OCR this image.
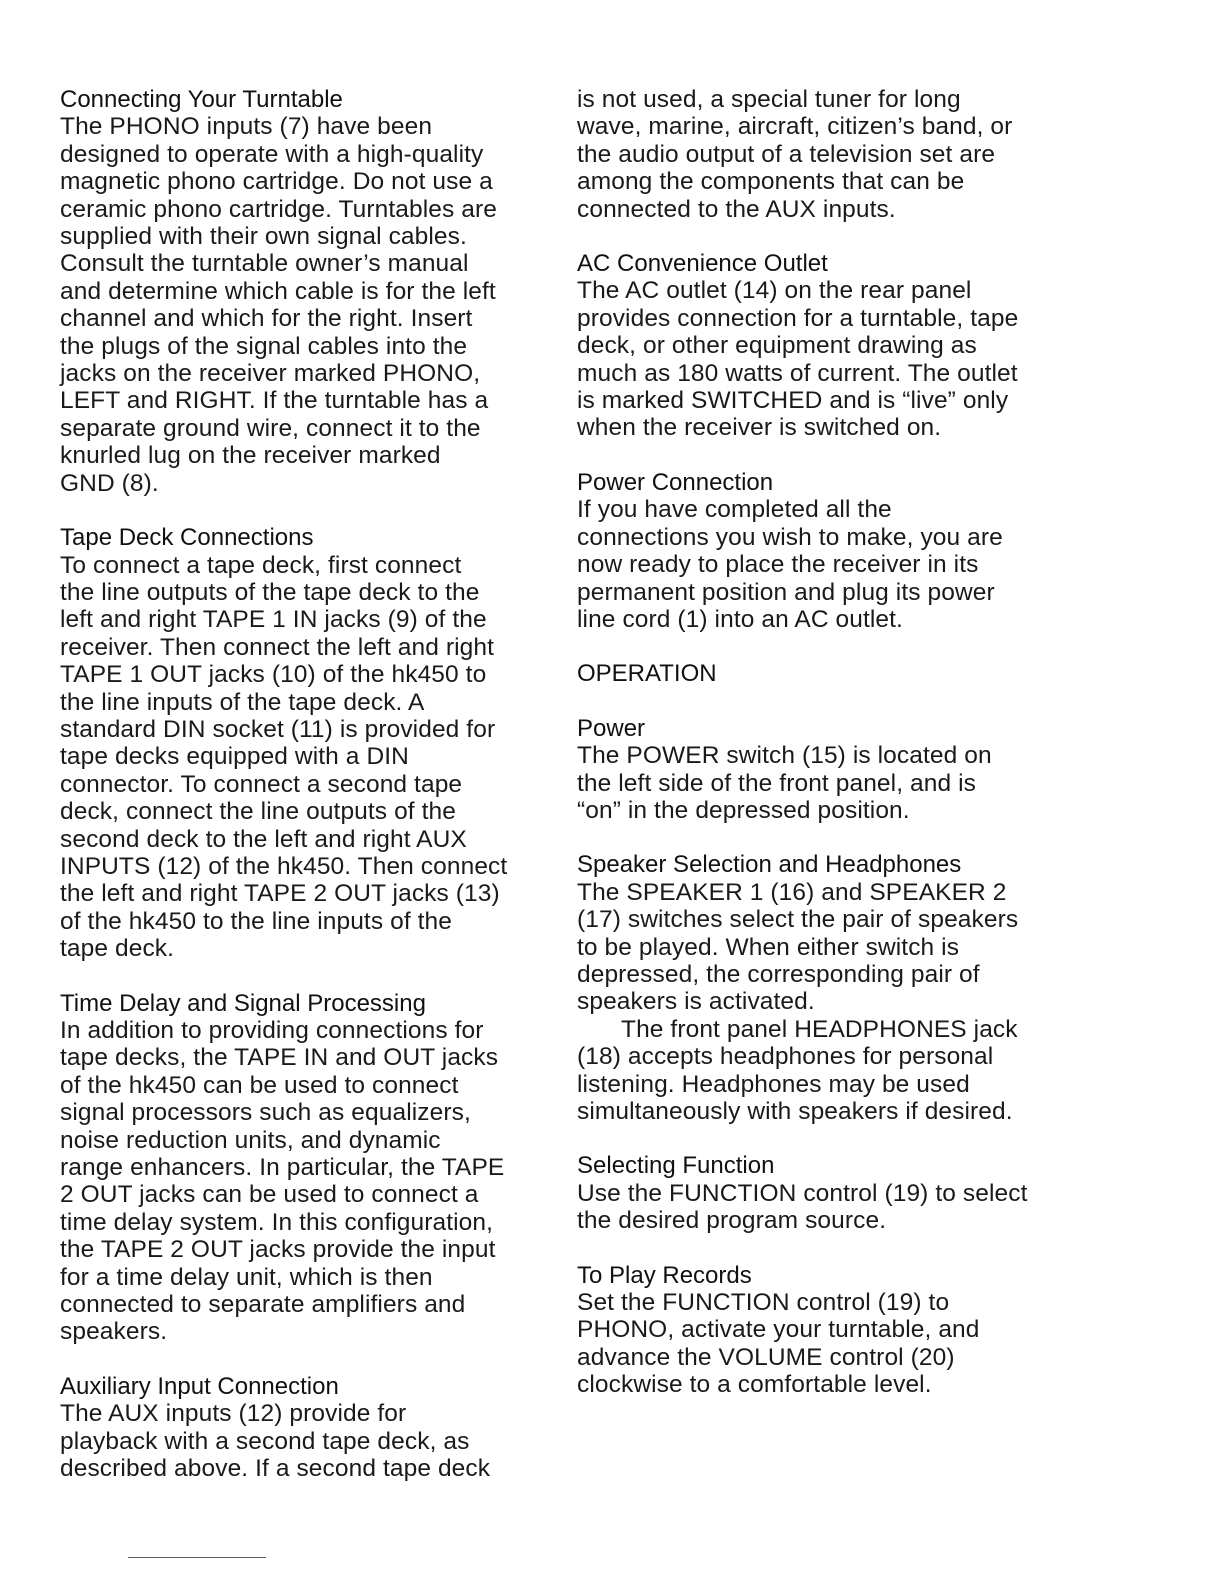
Connecting Your Turntable
The PHONO inputs (7) have been
designed to operate with a high-quality
magnetic phono cartridge. Do not use a
ceramic phono cartridge. Turntables are
supplied with their own signal cables.
Consult the turntable owner’s manual
and determine which cable is for the left
channel and which for the right. Insert
the plugs of the signal cables into the
jacks on the receiver marked PHONO,
LEFT and RIGHT. If the turntable has a
separate ground wire, connect it to the
knurled lug on the receiver marked
GND (8).
Tape Deck Connections
To connect a tape deck, first connect
the line outputs of the tape deck to the
left and right TAPE 1 IN jacks (9) of the
receiver. Then connect the left and right
TAPE 1 OUT jacks (10) of the hk450 to
the line inputs of the tape deck. A
standard DIN socket (11) is provided for
tape decks equipped with a DIN
connector. To connect a second tape
deck, connect the line outputs of the
second deck to the left and right AUX
INPUTS (12) of the hk450. Then connect
the left and right TAPE 2 OUT jacks (13)
of the hk450 to the line inputs of the
tape deck.
Time Delay and Signal Processing
In addition to providing connections for
tape decks, the TAPE IN and OUT jacks
of the hk450 can be used to connect
signal processors such as equalizers,
noise reduction units, and dynamic
range enhancers. In particular, the TAPE
2 OUT jacks can be used to connect a
time delay system. In this configuration,
the TAPE 2 OUT jacks provide the input
for a time delay unit, which is then
connected to separate amplifiers and
speakers.
Auxiliary Input Connection
The AUX inputs (12) provide for
playback with a second tape deck, as
described above. If a second tape deck
is not used, a special tuner for long
wave, marine, aircraft, citizen’s band, or
the audio output of a television set are
among the components that can be
connected to the AUX inputs.
AC Convenience Outlet
The AC outlet (14) on the rear panel
provides connection for a turntable, tape
deck, or other equipment drawing as
much as 180 watts of current. The outlet
is marked SWITCHED and is “live” only
when the receiver is switched on.
Power Connection
If you have completed all the
connections you wish to make, you are
now ready to place the receiver in its
permanent position and plug its power
line cord (1) into an AC outlet.
OPERATION
Power
The POWER switch (15) is located on
the left side of the front panel, and is
“on” in the depressed position.
Speaker Selection and Headphones
The SPEAKER 1 (16) and SPEAKER 2
(17) switches select the pair of speakers
to be played. When either switch is
depressed, the corresponding pair of
speakers is activated.
The front panel HEADPHONES jack
(18) accepts headphones for personal
listening. Headphones may be used
simultaneously with speakers if desired.
Selecting Function
Use the FUNCTION control (19) to select
the desired program source.
To Play Records
Set the FUNCTION control (19) to
PHONO, activate your turntable, and
advance the VOLUME control (20)
clockwise to a comfortable level.
